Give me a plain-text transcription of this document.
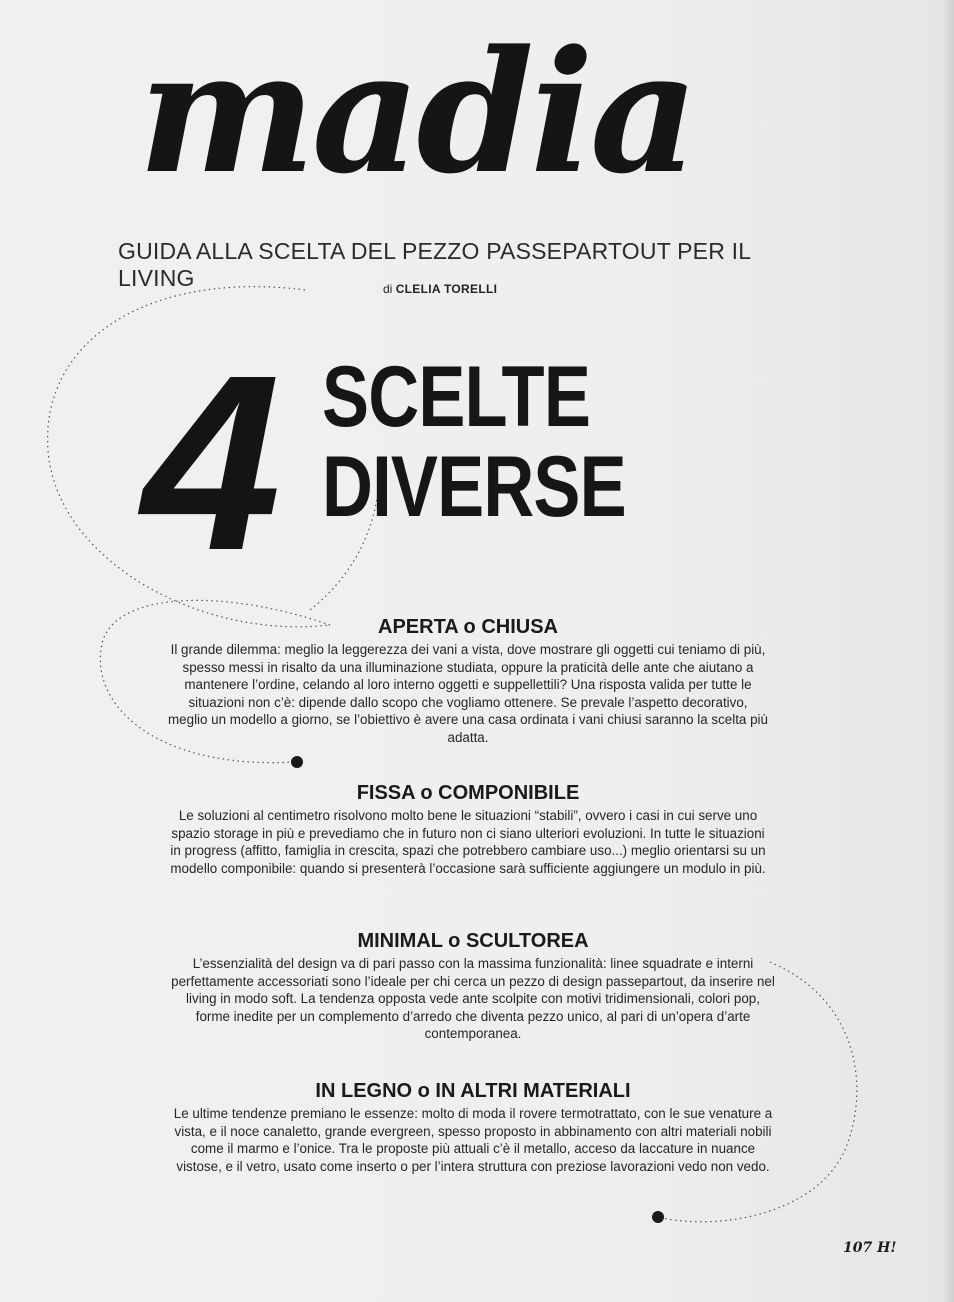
madia
GUIDA ALLA SCELTA DEL PEZZO PASSEPARTOUT PER IL LIVING	di CLELIA TORELLI
4 SCELTE
DIVERSE
APERTA o CHIUSA

Il grande dilemma: meglio la leggerezza dei vani a vista, dove mostrare gli oggetti cui teniamo di più, spesso messi in risalto da una illuminazione studiata, oppure la praticità delle ante che aiutano a mantenere l’ordine, celando al loro interno oggetti e suppellettili? Una risposta valida per tutte le situazioni non c’è: dipende dallo scopo che vogliamo ottenere. Se prevale l’aspetto decorativo, meglio un modello a giorno, se l’obiettivo è avere una casa ordinata i vani chiusi saranno la scelta più adatta.

FISSA o COMPONIBILE

Le soluzioni al centimetro risolvono molto bene le situazioni “stabili”, ovvero i casi in cui serve uno spazio storage in più e prevediamo che in futuro non ci siano ulteriori evoluzioni. In tutte le situazioni in progress (affitto, famiglia in crescita, spazi che potrebbero cambiare uso...) meglio orientarsi su un modello componibile: quando si presenterà l’occasione sarà sufficiente aggiungere un modulo in più.

MINIMAL o SCULTOREA

L’essenzialità del design va di pari passo con la massima funzionalità: linee squadrate e interni perfettamente accessoriati sono l’ideale per chi cerca un pezzo di design passepartout, da inserire nel living in modo soft. La tendenza opposta vede ante scolpite con motivi tridimensionali, colori pop, forme inedite per un complemento d’arredo che diventa pezzo unico, al pari di un’opera d’arte contemporanea.

IN LEGNO o IN ALTRI MATERIALI

Le ultime tendenze premiano le essenze: molto di moda il rovere termotrattato, con le sue venature a vista, e il noce canaletto, grande evergreen, spesso proposto in abbinamento con altri materiali nobili come il marmo e l’onice. Tra le proposte più attuali c’è il metallo, acceso da laccature in nuance vistose, e il vetro, usato come inserto o per l’intera struttura con preziose lavorazioni vedo non vedo.

107 H!
